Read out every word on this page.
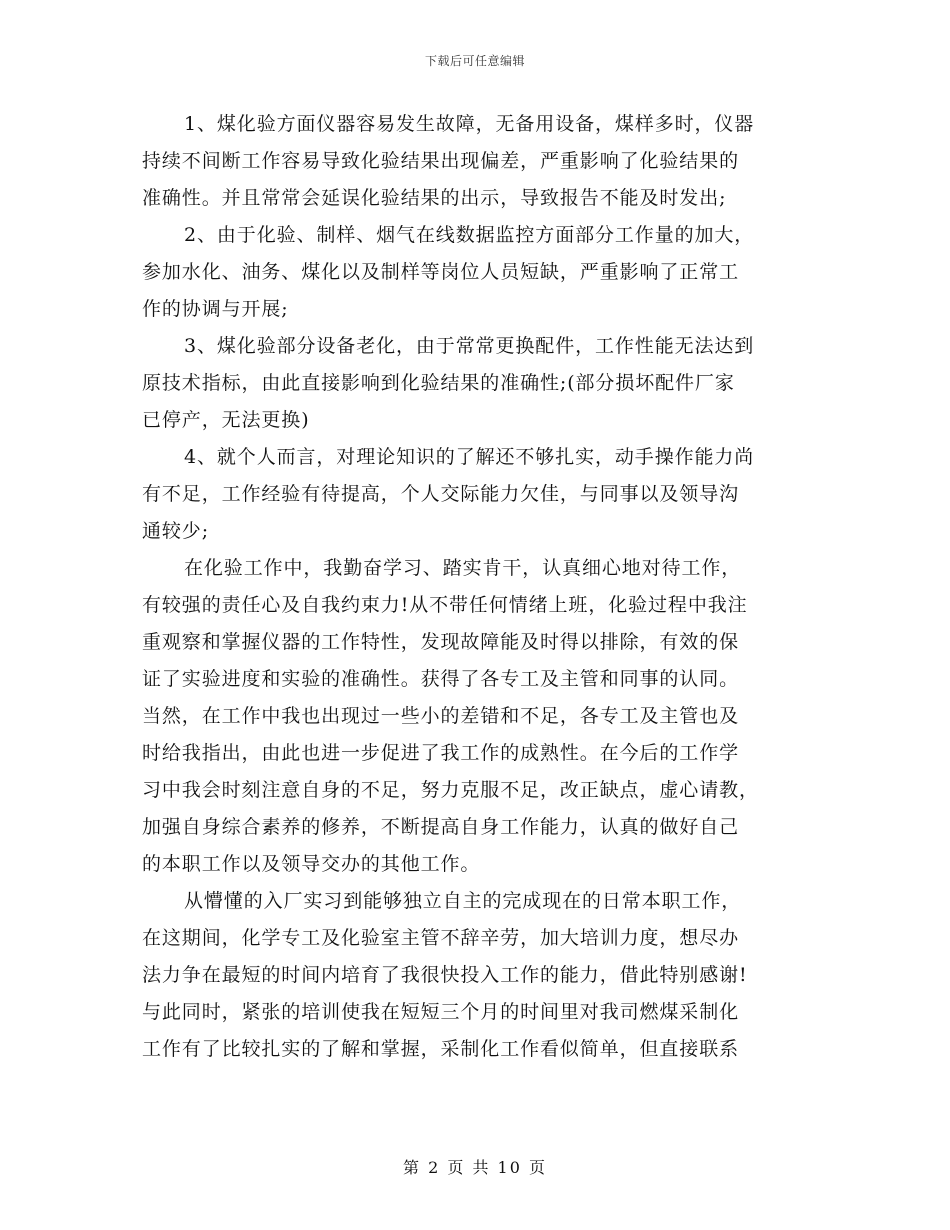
下载后可任意编辑

1、煤化验方面仪器容易发生故障，无备用设备，煤样多时，仪器
持续不间断工作容易导致化验结果出现偏差，严重影响了化验结果的
准确性。并且常常会延误化验结果的出示，导致报告不能及时发出;

2、由于化验、制样、烟气在线数据监控方面部分工作量的加大，
参加水化、油务、煤化以及制样等岗位人员短缺，严重影响了正常工
作的协调与开展;

3、煤化验部分设备老化，由于常常更换配件，工作性能无法达到
原技术指标，由此直接影响到化验结果的准确性;(部分损坏配件厂家
已停产，无法更换)

4、就个人而言，对理论知识的了解还不够扎实，动手操作能力尚
有不足，工作经验有待提高，个人交际能力欠佳，与同事以及领导沟
通较少;

在化验工作中，我勤奋学习、踏实肯干，认真细心地对待工作，
有较强的责任心及自我约束力!从不带任何情绪上班，化验过程中我注
重观察和掌握仪器的工作特性，发现故障能及时得以排除，有效的保
证了实验进度和实验的准确性。获得了各专工及主管和同事的认同。
当然，在工作中我也出现过一些小的差错和不足，各专工及主管也及
时给我指出，由此也进一步促进了我工作的成熟性。在今后的工作学
习中我会时刻注意自身的不足，努力克服不足，改正缺点，虚心请教，
加强自身综合素养的修养，不断提高自身工作能力，认真的做好自己
的本职工作以及领导交办的其他工作。

从懵懂的入厂实习到能够独立自主的完成现在的日常本职工作，
在这期间，化学专工及化验室主管不辞辛劳，加大培训力度，想尽办
法力争在最短的时间内培育了我很快投入工作的能力，借此特别感谢!
与此同时，紧张的培训使我在短短三个月的时间里对我司燃煤采制化
工作有了比较扎实的了解和掌握，采制化工作看似简单，但直接联系

第 2 页 共 10 页
